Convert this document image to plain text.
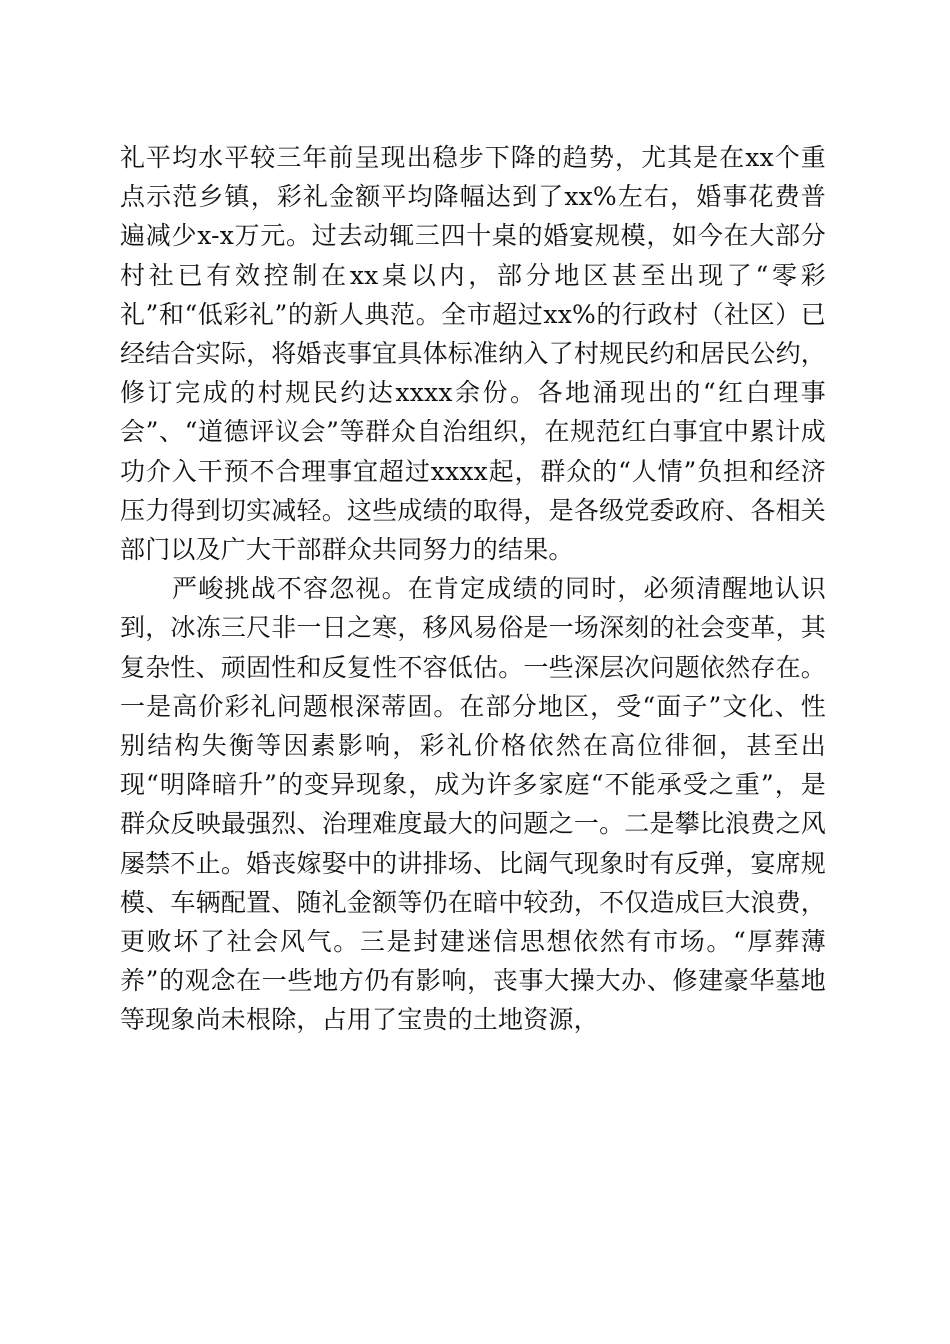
礼平均水平较三年前呈现出稳步下降的趋势，尤其是在xx个重点示范乡镇，彩礼金额平均降幅达到了xx%左右，婚事花费普遍减少x-x万元。过去动辄三四十桌的婚宴规模，如今在大部分村社已有效控制在xx桌以内，部分地区甚至出现了“零彩礼”和“低彩礼”的新人典范。全市超过xx%的行政村（社区）已经结合实际，将婚丧事宜具体标准纳入了村规民约和居民公约，修订完成的村规民约达xxxx余份。各地涌现出的“红白理事会”、“道德评议会”等群众自治组织，在规范红白事宜中累计成功介入干预不合理事宜超过xxxx起，群众的“人情”负担和经济压力得到切实减轻。这些成绩的取得，是各级党委政府、各相关部门以及广大干部群众共同努力的结果。

严峻挑战不容忽视。在肯定成绩的同时，必须清醒地认识到，冰冻三尺非一日之寒，移风易俗是一场深刻的社会变革，其复杂性、顽固性和反复性不容低估。一些深层次问题依然存在。一是高价彩礼问题根深蒂固。在部分地区，受“面子”文化、性别结构失衡等因素影响，彩礼价格依然在高位徘徊，甚至出现“明降暗升”的变异现象，成为许多家庭“不能承受之重”，是群众反映最强烈、治理难度最大的问题之一。二是攀比浪费之风屡禁不止。婚丧嫁娶中的讲排场、比阔气现象时有反弹，宴席规模、车辆配置、随礼金额等仍在暗中较劲，不仅造成巨大浪费，更败坏了社会风气。三是封建迷信思想依然有市场。“厚葬薄养”的观念在一些地方仍有影响，丧事大操大办、修建豪华墓地等现象尚未根除，占用了宝贵的土地资源，
